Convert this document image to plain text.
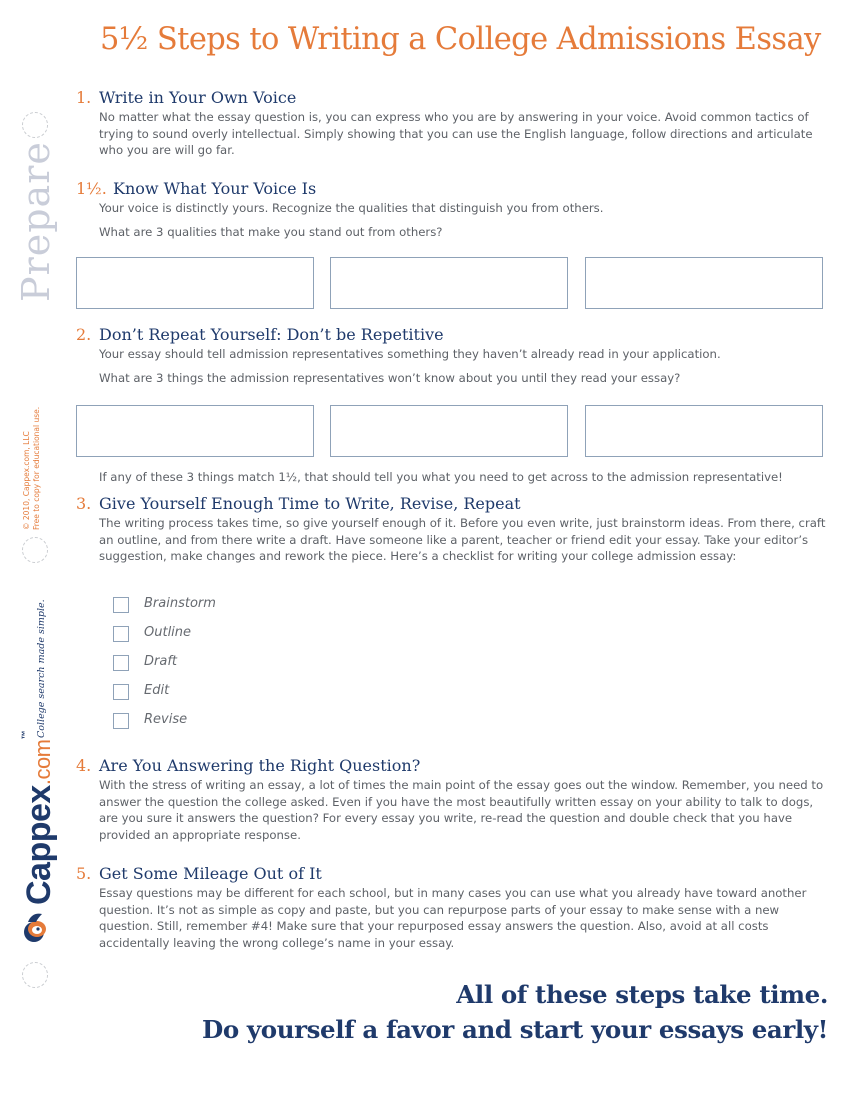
Prepare
© 2010, Cappex.com, LLC Free to copy for educational use.
College search made simple.
Cappex.com™
5½ Steps to Writing a College Admissions Essay
1. Write in Your Own Voice
No matter what the essay question is, you can express who you are by answering in your voice. Avoid common tactics of trying to sound overly intellectual. Simply showing that you can use the English language, follow directions and articulate who you are will go far.
1½. Know What Your Voice Is
Your voice is distinctly yours. Recognize the qualities that distinguish you from others.
What are 3 qualities that make you stand out from others?
2. Don’t Repeat Yourself: Don’t be Repetitive
Your essay should tell admission representatives something they haven’t already read in your application.
What are 3 things the admission representatives won’t know about you until they read your essay?
If any of these 3 things match 1½, that should tell you what you need to get across to the admission representative!
3. Give Yourself Enough Time to Write, Revise, Repeat
The writing process takes time, so give yourself enough of it. Before you even write, just brainstorm ideas. From there, craft an outline, and from there write a draft. Have someone like a parent, teacher or friend edit your essay. Take your editor’s suggestion, make changes and rework the piece. Here’s a checklist for writing your college admission essay:
Brainstorm
Outline
Draft
Edit
Revise
4. Are You Answering the Right Question?
With the stress of writing an essay, a lot of times the main point of the essay goes out the window. Remember, you need to answer the question the college asked. Even if you have the most beautifully written essay on your ability to talk to dogs, are you sure it answers the question? For every essay you write, re-read the question and double check that you have provided an appropriate response.
5. Get Some Mileage Out of It
Essay questions may be different for each school, but in many cases you can use what you already have toward another question. It’s not as simple as copy and paste, but you can repurpose parts of your essay to make sense with a new question. Still, remember #4! Make sure that your repurposed essay answers the question. Also, avoid at all costs accidentally leaving the wrong college’s name in your essay.
All of these steps take time.
Do yourself a favor and start your essays early!
